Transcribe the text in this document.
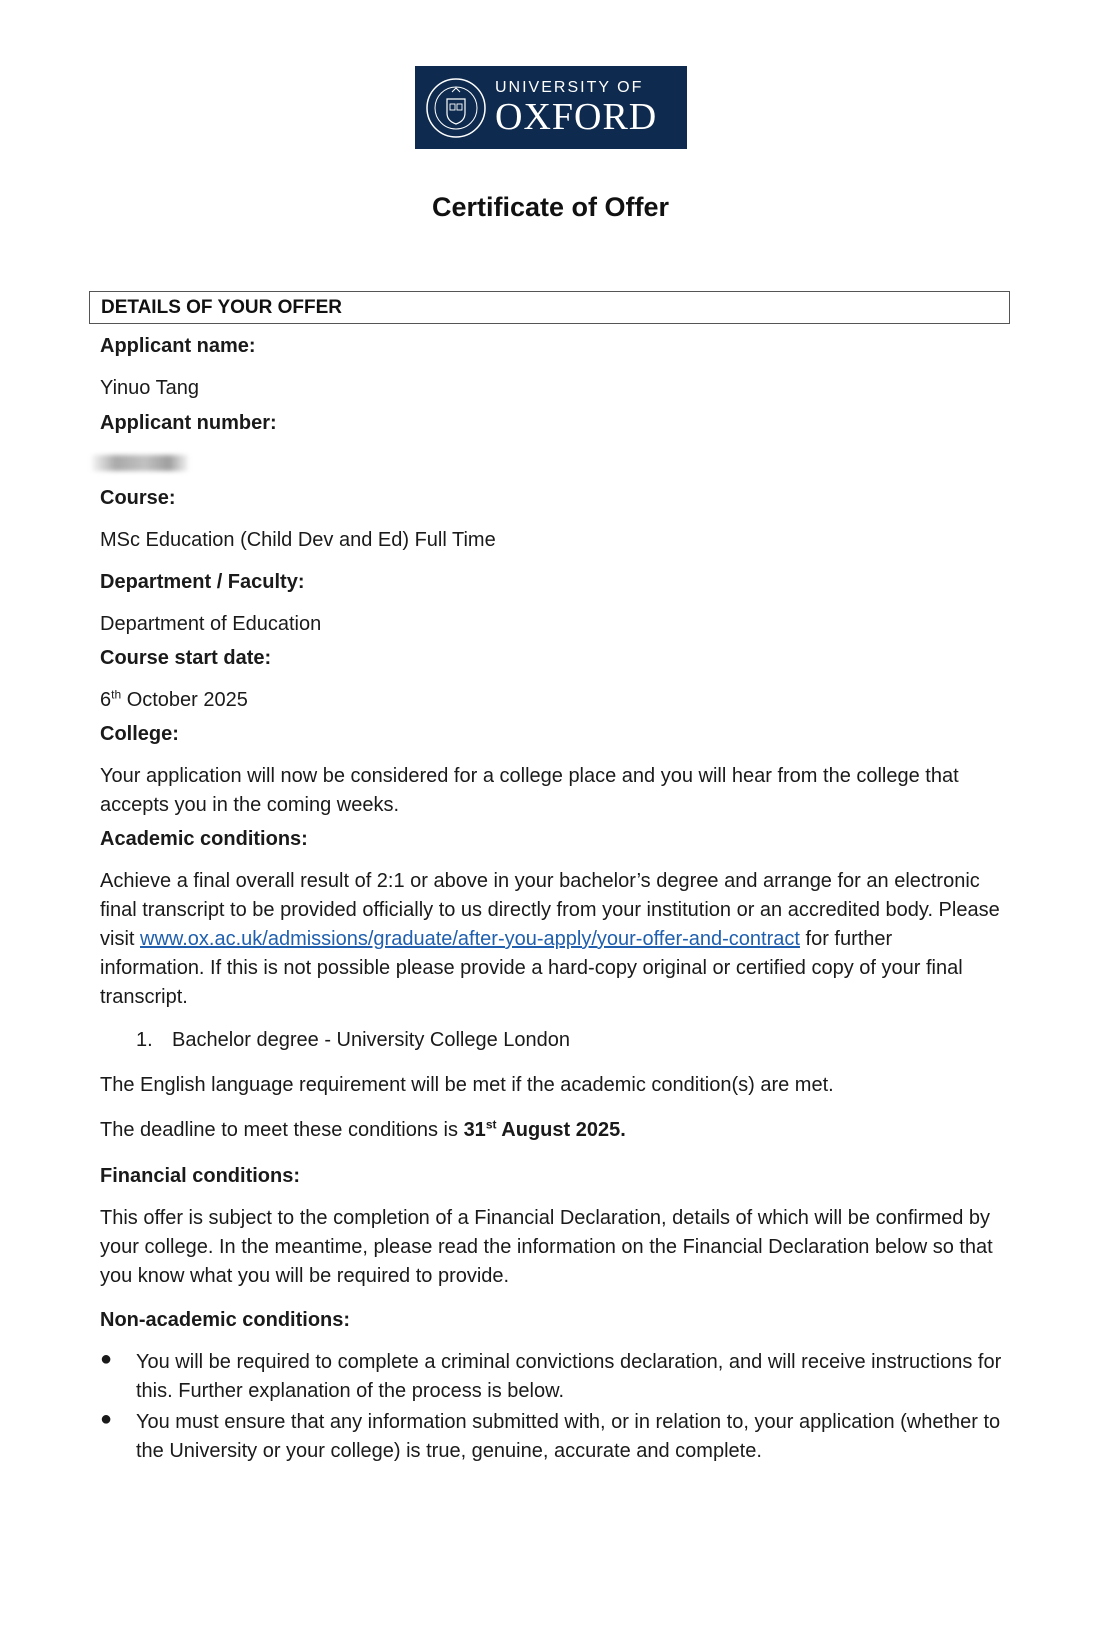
UNIVERSITY OF
OXFORD
Certificate of Offer
DETAILS OF YOUR OFFER
Applicant name:
Yinuo Tang
Applicant number:
Course:
MSc Education (Child Dev and Ed) Full Time
Department / Faculty:
Department of Education
Course start date:
6th October 2025
College:
Your application will now be considered for a college place and you will hear from the college that accepts you in the coming weeks.
Academic conditions:
Achieve a final overall result of 2:1 or above in your bachelor’s degree and arrange for an electronic final transcript to be provided officially to us directly from your institution or an accredited body. Please visit www.ox.ac.uk/admissions/graduate/after-you-apply/your-offer-and-contract for further information. If this is not possible please provide a hard-copy original or certified copy of your final transcript.
1. Bachelor degree - University College London
The English language requirement will be met if the academic condition(s) are met.
The deadline to meet these conditions is 31st August 2025.
Financial conditions:
This offer is subject to the completion of a Financial Declaration, details of which will be confirmed by your college. In the meantime, please read the information on the Financial Declaration below so that you know what you will be required to provide.
Non-academic conditions:
● You will be required to complete a criminal convictions declaration, and will receive instructions for this. Further explanation of the process is below.
● You must ensure that any information submitted with, or in relation to, your application (whether to the University or your college) is true, genuine, accurate and complete.
